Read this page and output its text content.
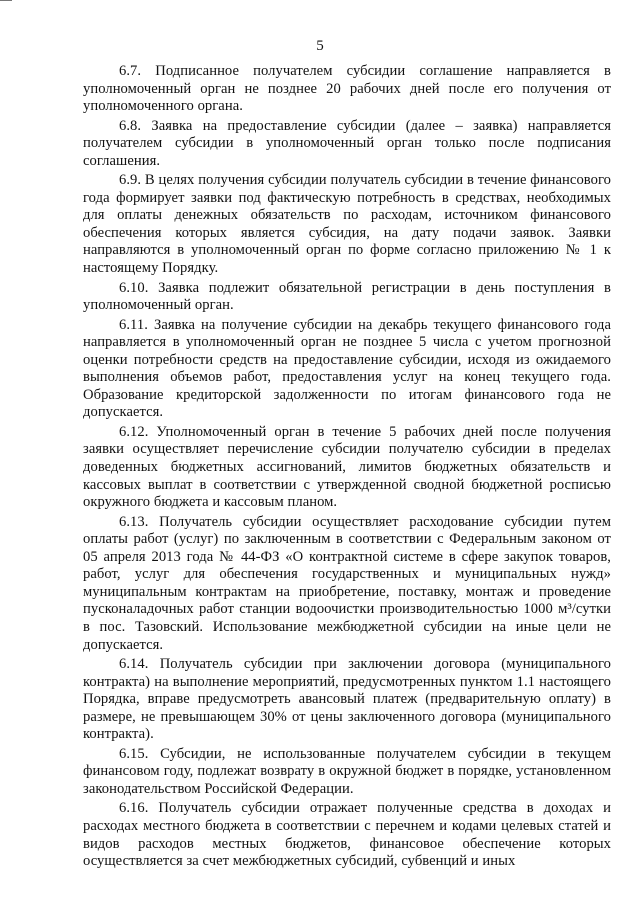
5

6.7. Подписанное получателем субсидии соглашение направляется в уполномоченный орган не позднее 20 рабочих дней после его получения от уполномоченного органа.

6.8. Заявка на предоставление субсидии (далее – заявка) направляется получателем субсидии в уполномоченный орган только после подписания соглашения.

6.9. В целях получения субсидии получатель субсидии в течение финансового года формирует заявки под фактическую потребность в средствах, необходимых для оплаты денежных обязательств по расходам, источником финансового обеспечения которых является субсидия, на дату подачи заявок. Заявки направляются в уполномоченный орган по форме согласно приложению № 1 к настоящему Порядку.

6.10. Заявка подлежит обязательной регистрации в день поступления в уполномоченный орган.

6.11. Заявка на получение субсидии на декабрь текущего финансового года направляется в уполномоченный орган не позднее 5 числа с учетом прогнозной оценки потребности средств на предоставление субсидии, исходя из ожидаемого выполнения объемов работ, предоставления услуг на конец текущего года. Образование кредиторской задолженности по итогам финансового года не допускается.

6.12. Уполномоченный орган в течение 5 рабочих дней после получения заявки осуществляет перечисление субсидии получателю субсидии в пределах доведенных бюджетных ассигнований, лимитов бюджетных обязательств и кассовых выплат в соответствии с утвержденной сводной бюджетной росписью окружного бюджета и кассовым планом.

6.13. Получатель субсидии осуществляет расходование субсидии путем оплаты работ (услуг) по заключенным в соответствии с Федеральным законом от 05 апреля 2013 года № 44-ФЗ «О контрактной системе в сфере закупок товаров, работ, услуг для обеспечения государственных и муниципальных нужд» муниципальным контрактам на приобретение, поставку, монтаж и проведение пусконаладочных работ станции водоочистки производительностью 1000 м³/сутки в пос. Тазовский. Использование межбюджетной субсидии на иные цели не допускается.

6.14. Получатель субсидии при заключении договора (муниципального контракта) на выполнение мероприятий, предусмотренных пунктом 1.1 настоящего Порядка, вправе предусмотреть авансовый платеж (предварительную оплату) в размере, не превышающем 30% от цены заключенного договора (муниципального контракта).

6.15. Субсидии, не использованные получателем субсидии в текущем финансовом году, подлежат возврату в окружной бюджет в порядке, установленном законодательством Российской Федерации.

6.16. Получатель субсидии отражает полученные средства в доходах и расходах местного бюджета в соответствии с перечнем и кодами целевых статей и видов расходов местных бюджетов, финансовое обеспечение которых осуществляется за счет межбюджетных субсидий, субвенций и иных
